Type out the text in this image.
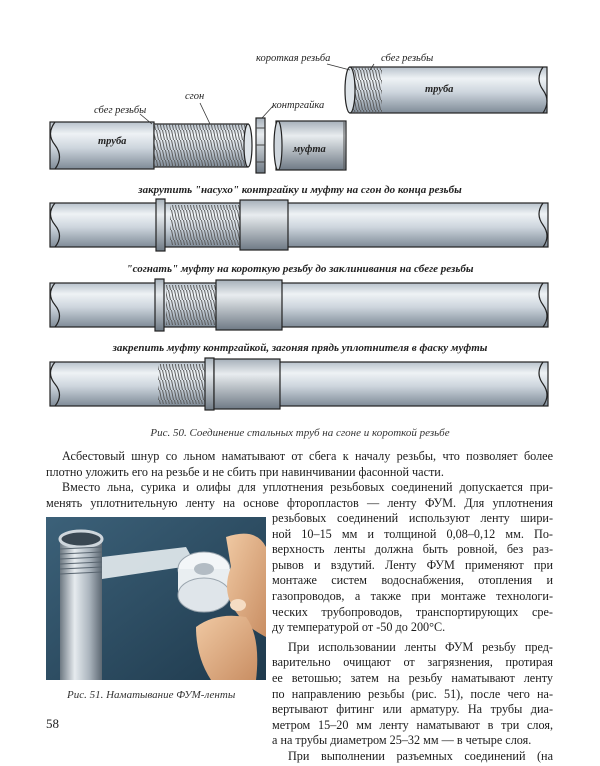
короткая резьба	сбег резьбы
труба
сгон
контргайка
сбег резьбы
труба
муфта
закрутить "насухо" контргайку и муфту на сгон до конца резьбы
"согнать" муфту на короткую резьбу до заклинивания на сбеге резьбы
закрепить муфту контргайкой, загоняя прядь уплотнителя в фаску муфты
Рис. 50. Соединение стальных труб на сгоне и короткой резьбе
Асбестовый шнур со льном наматывают от сбега к началу резьбы, что позволяет более
плотно уложить его на резьбе и не сбить при навинчивании фасонной части.
Вместо льна, сурика и олифы для уплотнения резьбовых соединений допускается при-
менять уплотнительную ленту на основе фторопластов — ленту ФУМ. Для уплотнения
резьбовых соединений используют ленту шири-
ной 10–15 мм и толщиной 0,08–0,12 мм. По-
верхность ленты должна быть ровной, без раз-
рывов и вздутий. Ленту ФУМ применяют при
монтаже систем водоснабжения, отопления и
газопроводов, а также при монтаже технологи-
ческих трубопроводов, транспортирующих сре-
ду температурой от -50 до 200°С.
При использовании ленты ФУМ резьбу пред-
варительно очищают от загрязнения, протирая
ее ветошью; затем на резьбу наматывают ленту
по направлению резьбы (рис. 51), после чего на-
вертывают фитинг или арматуру. На трубы диа-
метром 15–20 мм ленту наматывают в три слоя,
а на трубы диаметром 25–32 мм — в четыре слоя.
При выполнении разъемных соединений (на
Рис. 51. Наматывание ФУМ-ленты
58
